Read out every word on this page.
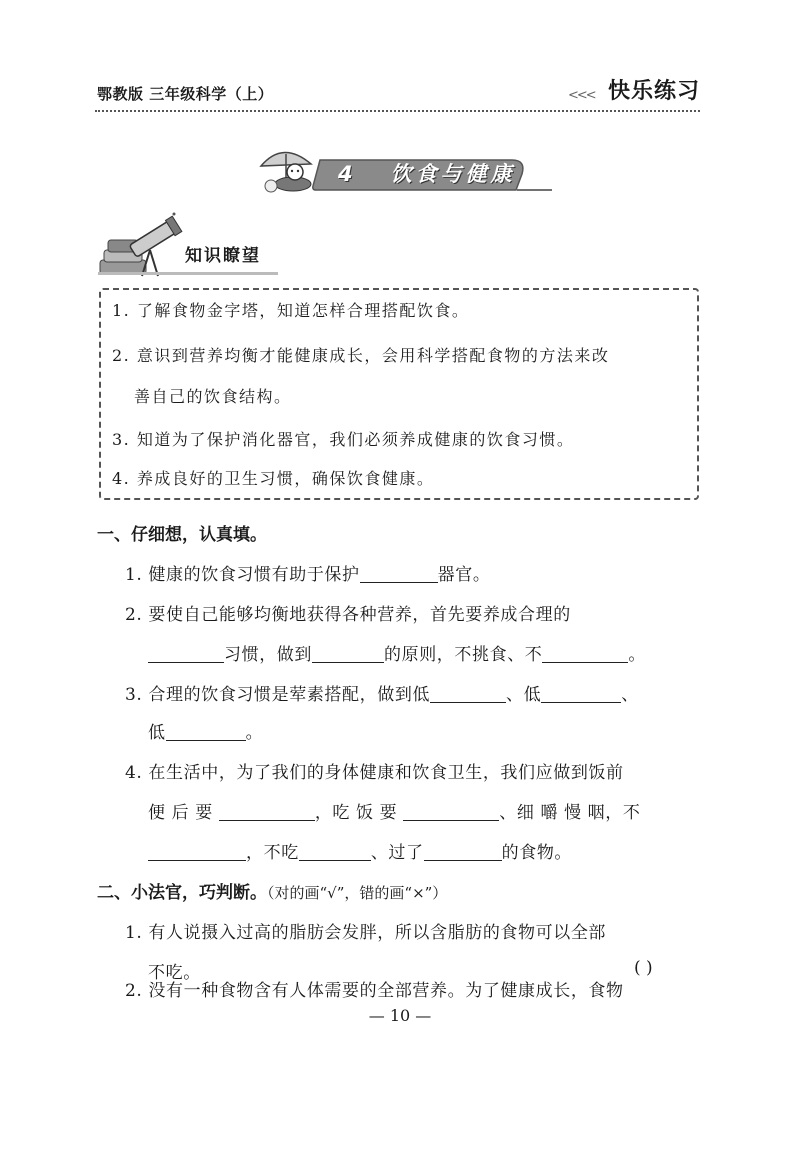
鄂教版 三年级科学（上）	<<< 快乐练习
4 饮食与健康
知识瞭望
1. 了解食物金字塔，知道怎样合理搭配饮食。
2. 意识到营养均衡才能健康成长，会用科学搭配食物的方法来改
善自己的饮食结构。
3. 知道为了保护消化器官，我们必须养成健康的饮食习惯。
4. 养成良好的卫生习惯，确保饮食健康。
一、仔细想，认真填。
1. 健康的饮食习惯有助于保护	器官。
2. 要使自己能够均衡地获得各种营养，首先要养成合理的
习惯，做到	的原则，不挑食、不	。
3. 合理的饮食习惯是荤素搭配，做到低	、低	、
低	。
4. 在生活中，为了我们的身体健康和饮食卫生，我们应做到饭前
便 后 要	，吃 饭 要	、细 嚼 慢 咽，不
，不吃	、过了	的食物。
二、小法官，巧判断。（对的画“√”，错的画“×”）
1. 有人说摄入过高的脂肪会发胖，所以含脂肪的食物可以全部
不吃。	( )
2. 没有一种食物含有人体需要的全部营养。为了健康成长，食物
— 10 —
